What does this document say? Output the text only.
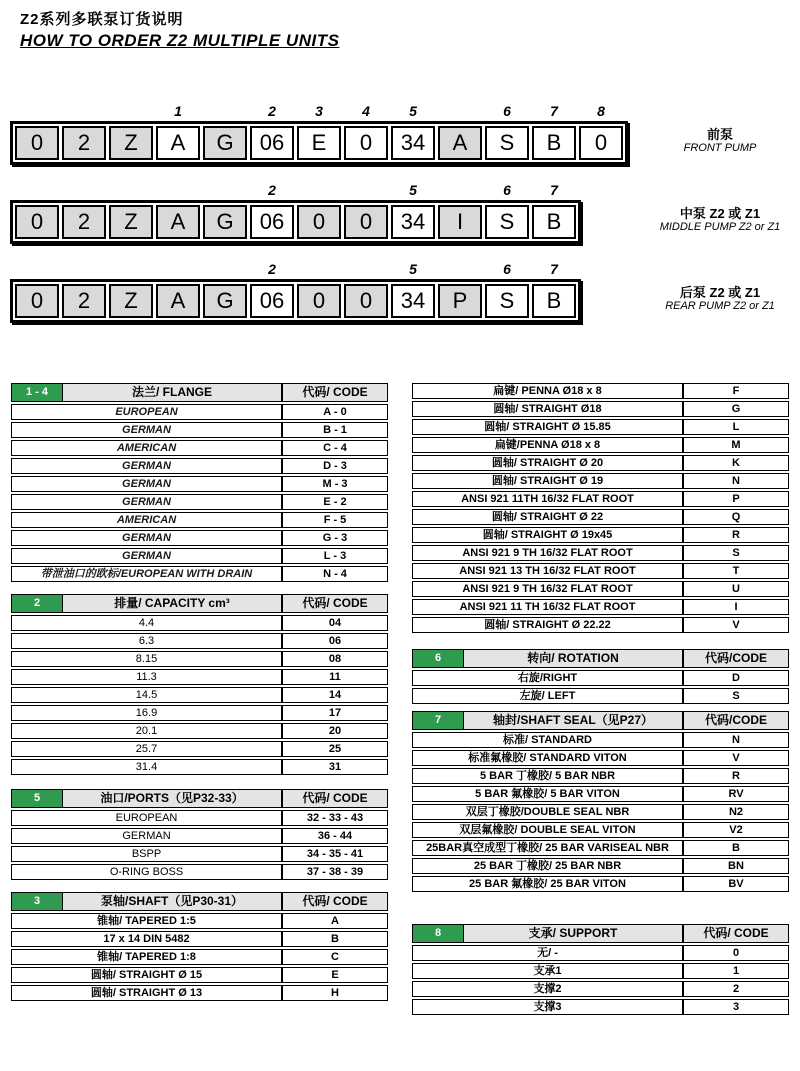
Z2系列多联泵订货说明
HOW TO ORDER Z2 MULTIPLE UNITS
1	2	3	4	5	6	7	8
0	2	Z	A	G	06	E	0	34	A	S	B	0	前泵
FRONT PUMP
2	5	6	7
0	2	Z	A	G	06	0	0	34	I	S	B	中泵 Z2 或 Z1
MIDDLE PUMP Z2 or Z1
2	5	6	7
0	2	Z	A	G	06	0	0	34	P	S	B	后泵 Z2 或 Z1
REAR PUMP Z2 or Z1
1 - 4	法兰/ FLANGE	代码/ CODE
EUROPEAN	A - 0
GERMAN	B - 1
AMERICAN	C - 4
GERMAN	D - 3
GERMAN	M - 3
GERMAN	E - 2
AMERICAN	F - 5
GERMAN	G - 3
GERMAN	L - 3
带泄油口的欧标/EUROPEAN WITH DRAIN	N - 4
2	排量/ CAPACITY cm³	代码/ CODE
4.4	04
6.3	06
8.15	08
11.3	11
14.5	14
16.9	17
20.1	20
25.7	25
31.4	31
5	油口/PORTS（见P32-33）	代码/ CODE
EUROPEAN	32 - 33 - 43
GERMAN	36 - 44
BSPP	34 - 35 - 41
O-RING BOSS	37 - 38 - 39
3	泵轴/SHAFT（见P30-31）	代码/ CODE
锥轴/ TAPERED 1:5	A
17 x 14 DIN 5482	B
锥轴/ TAPERED 1:8	C
圆轴/ STRAIGHT Ø 15	E
圆轴/ STRAIGHT Ø 13	H
扁键/ PENNA Ø18 x 8	F
圆轴/ STRAIGHT Ø18	G
圆轴/ STRAIGHT Ø 15.85	L
扁键/PENNA Ø18 x 8	M
圆轴/ STRAIGHT Ø 20	K
圆轴/ STRAIGHT Ø 19	N
ANSI 921 11TH 16/32 FLAT ROOT	P
圆轴/ STRAIGHT Ø 22	Q
圆轴/ STRAIGHT Ø 19x45	R
ANSI 921 9 TH 16/32 FLAT ROOT	S
ANSI 921 13 TH 16/32 FLAT ROOT	T
ANSI 921 9 TH 16/32 FLAT ROOT	U
ANSI 921 11 TH 16/32 FLAT ROOT	I
圆轴/ STRAIGHT Ø 22.22	V
6	转向/ ROTATION	代码/CODE
右旋/RIGHT	D
左旋/ LEFT	S
7	轴封/SHAFT SEAL（见P27）	代码/CODE
标准/ STANDARD	N
标准氟橡胶/ STANDARD VITON	V
5 BAR 丁橡胶/ 5 BAR NBR	R
5 BAR 氟橡胶/ 5 BAR VITON	RV
双层丁橡胶/DOUBLE SEAL NBR	N2
双层氟橡胶/ DOUBLE SEAL VITON	V2
25BAR真空成型丁橡胶/ 25 BAR VARISEAL NBR	B
25 BAR 丁橡胶/ 25 BAR NBR	BN
25 BAR 氟橡胶/ 25 BAR VITON	BV
8	支承/ SUPPORT	代码/ CODE
无/ -	0
支承1	1
支撑2	2
支撑3	3
